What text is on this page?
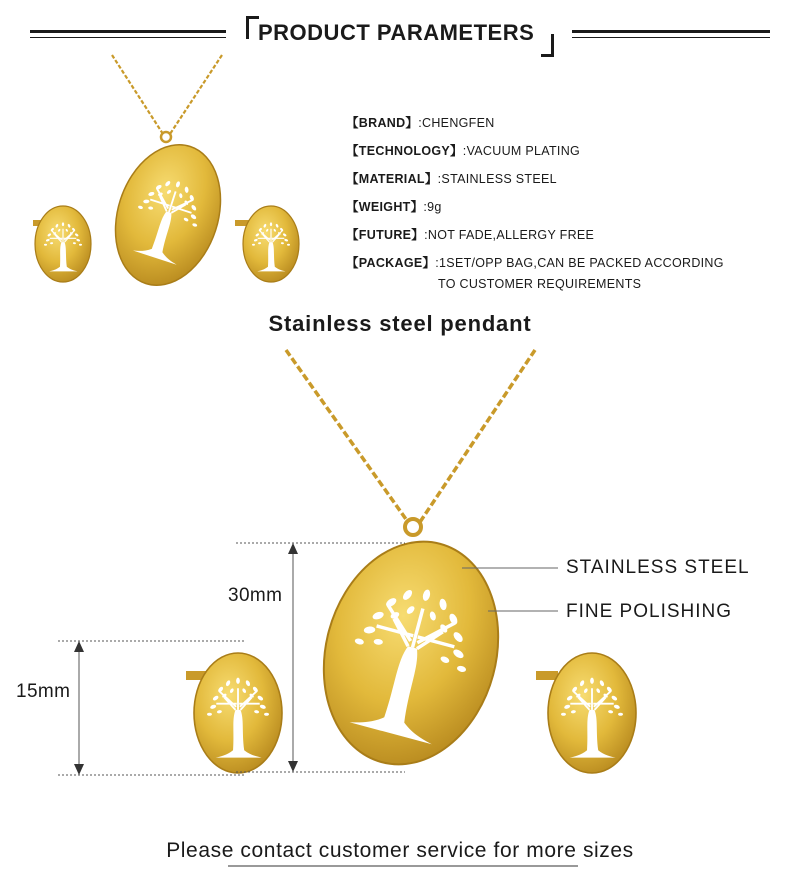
PRODUCT PARAMETERS
【BRAND】:CHENGFEN
【TECHNOLOGY】:VACUUM PLATING
【MATERIAL】:STAINLESS STEEL
【WEIGHT】:9g
【FUTURE】:NOT FADE,ALLERGY FREE
【PACKAGE】:1SET/OPP BAG,CAN BE PACKED ACCORDING
TO CUSTOMER REQUIREMENTS
Stainless steel pendant
30mm
15mm
STAINLESS STEEL
FINE POLISHING
Please contact customer service for more sizes
